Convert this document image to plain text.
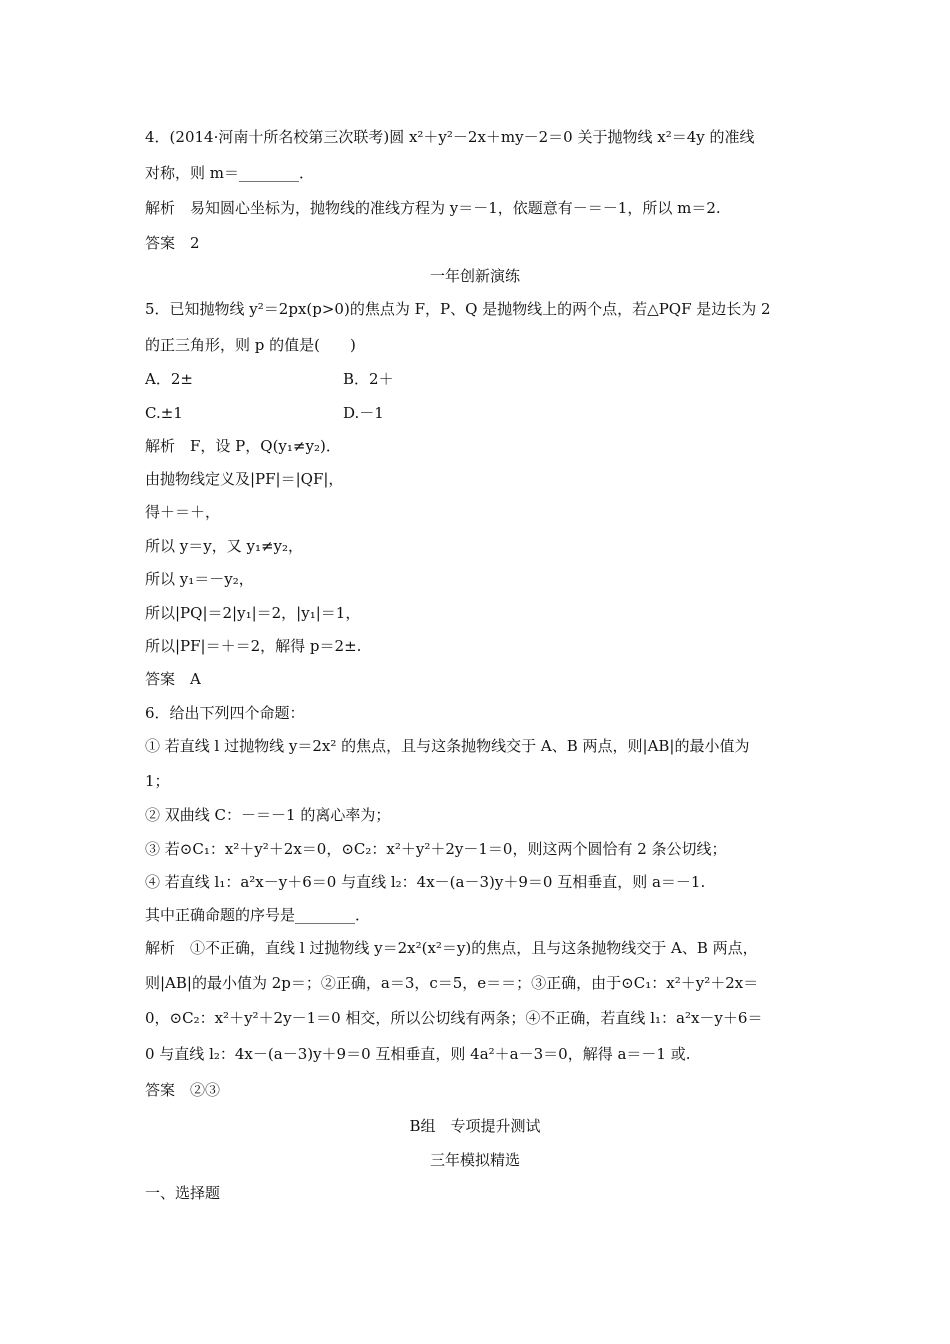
4．(2014·河南十所名校第三次联考)圆 x²＋y²－2x＋my－2＝0 关于抛物线 x²＝4y 的准线
对称，则 m＝________．
解析　易知圆心坐标为，抛物线的准线方程为 y＝－1，依题意有－＝－1，所以 m＝2.
答案　2
一年创新演练
5．已知抛物线 y²＝2px(p>0)的焦点为 F，P、Q 是抛物线上的两个点，若△PQF 是边长为 2
的正三角形，则 p 的值是(　　)
A．2±	B．2＋
C.±1	D.－1
解析　F，设 P，Q(y₁≠y₂)．
由抛物线定义及|PF|＝|QF|，
得＋＝＋，
所以 y＝y，又 y₁≠y₂，
所以 y₁＝－y₂，
所以|PQ|＝2|y₁|＝2，|y₁|＝1，
所以|PF|＝＋＝2，解得 p＝2±.
答案　A
6．给出下列四个命题：
① 若直线 l 过抛物线 y＝2x² 的焦点，且与这条抛物线交于 A、B 两点，则|AB|的最小值为
1；
② 双曲线 C：－＝－1 的离心率为；
③ 若⊙C₁：x²＋y²＋2x＝0，⊙C₂：x²＋y²＋2y－1＝0，则这两个圆恰有 2 条公切线；
④ 若直线 l₁：a²x－y＋6＝0 与直线 l₂：4x－(a－3)y＋9＝0 互相垂直，则 a＝－1.
其中正确命题的序号是________．
解析　①不正确，直线 l 过抛物线 y＝2x²(x²＝y)的焦点，且与这条抛物线交于 A、B 两点，
则|AB|的最小值为 2p＝；②正确，a＝3，c＝5，e＝＝；③正确，由于⊙C₁：x²＋y²＋2x＝
0，⊙C₂：x²＋y²＋2y－1＝0 相交，所以公切线有两条；④不正确，若直线 l₁：a²x－y＋6＝
0 与直线 l₂：4x－(a－3)y＋9＝0 互相垂直，则 4a²＋a－3＝0，解得 a＝－1 或.
答案　②③
B组　专项提升测试
三年模拟精选
一、选择题
